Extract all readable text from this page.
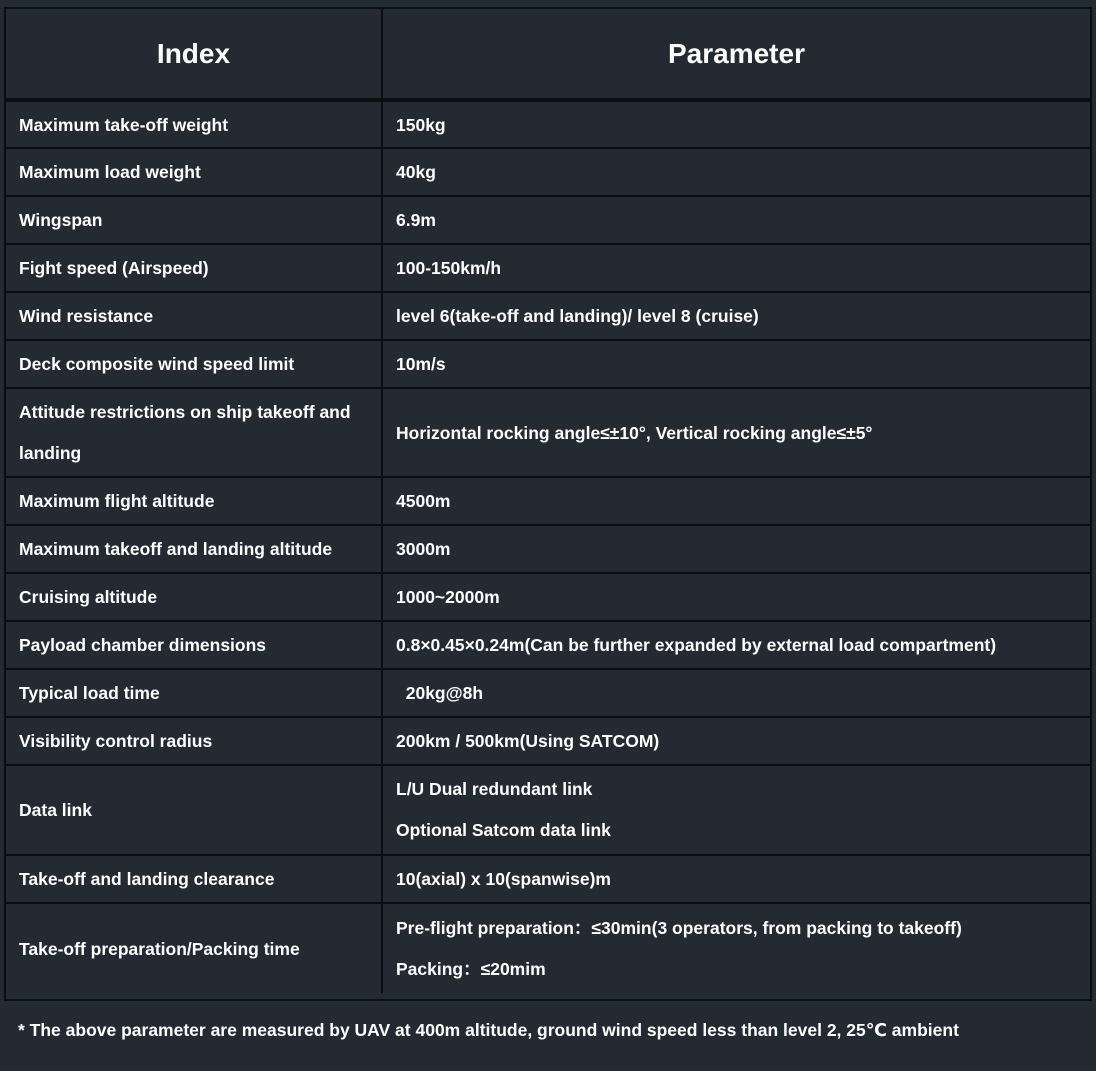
Index	Parameter
Maximum take-off weight	150kg
Maximum load weight	40kg
Wingspan	6.9m
Fight speed (Airspeed)	100-150km/h
Wind resistance	level 6(take-off and landing)/ level 8 (cruise)
Deck composite wind speed limit	10m/s

Attitude restrictions on ship takeoff and
landing	Horizontal rocking angle≤±10°, Vertical rocking angle≤±5°
Maximum flight altitude	4500m
Maximum takeoff and landing altitude	3000m
Cruising altitude	1000~2000m
Payload chamber dimensions	0.8×0.45×0.24m(Can be further expanded by external load compartment)
Typical load time	20kg@8h
Visibility control radius	200km / 500km(Using SATCOM)
Data link	L/U Dual redundant link
Optional Satcom data link

Take-off and landing clearance	10(axial) x 10(spanwise)m
Take-off preparation/Packing time	Pre-flight preparation：≤30min(3 operators, from packing to takeoff)
Packing：≤20mim
* The above parameter are measured by UAV at 400m altitude, ground wind speed less than level 2, 25℃ ambient
